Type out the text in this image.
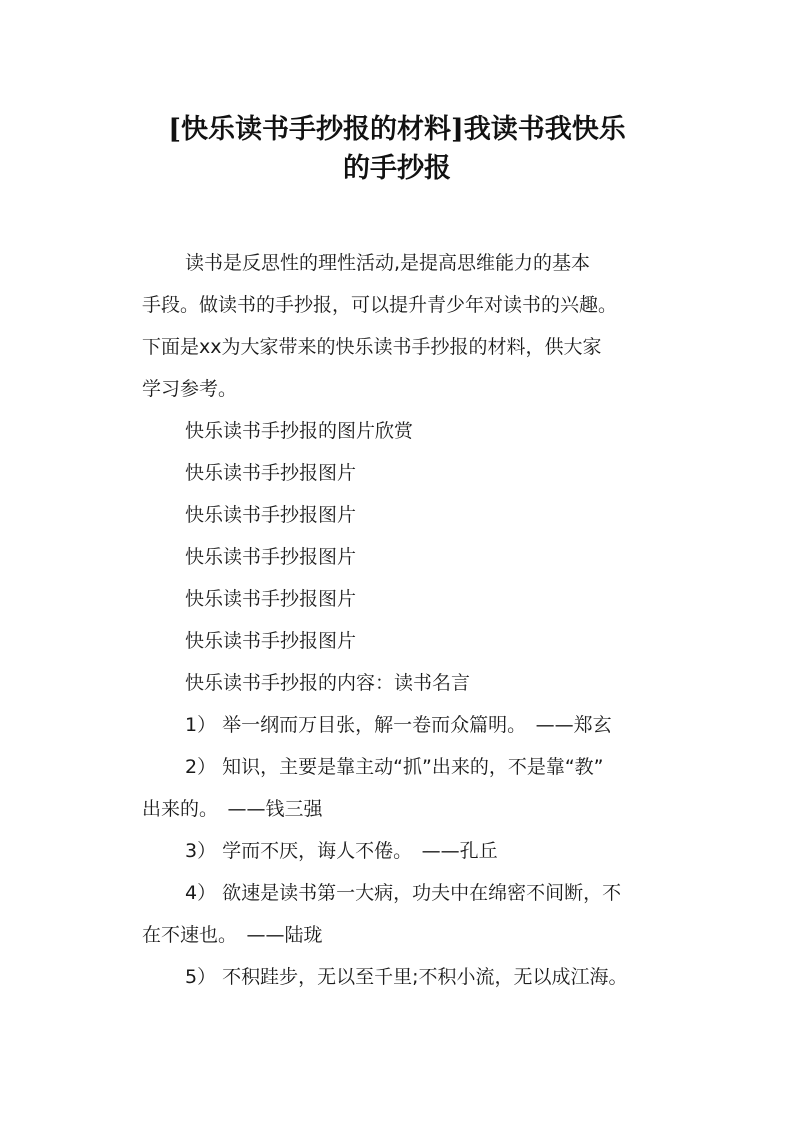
[快乐读书手抄报的材料]我读书我快乐
的手抄报
读书是反思性的理性活动,是提高思维能力的基本
手段。做读书的手抄报，可以提升青少年对读书的兴趣。
下面是xx为大家带来的快乐读书手抄报的材料，供大家
学习参考。
快乐读书手抄报的图片欣赏
快乐读书手抄报图片
快乐读书手抄报图片
快乐读书手抄报图片
快乐读书手抄报图片
快乐读书手抄报图片
快乐读书手抄报的内容：读书名言
1） 举一纲而万目张，解一卷而众篇明。　——郑玄
2） 知识，主要是靠主动“抓”出来的，不是靠“教”
出来的。　——钱三强
3） 学而不厌，诲人不倦。　——孔丘
4） 欲速是读书第一大病，功夫中在绵密不间断，不
在不速也。　——陆珑
5） 不积跬步，无以至千里;不积小流，无以成江海。
